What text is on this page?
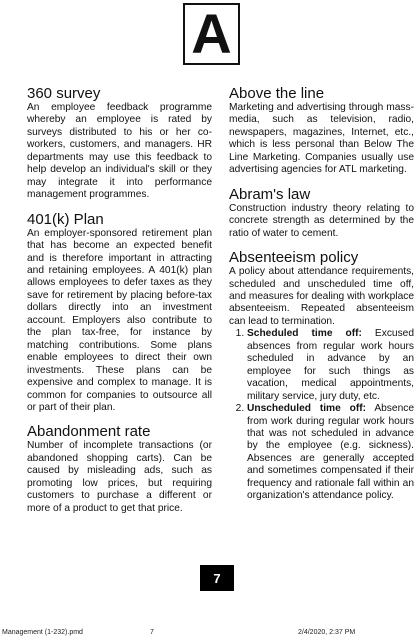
A
360 survey

An employee feedback programme whereby an employee is rated by surveys distributed to his or her co-workers, customers, and managers. HR departments may use this feedback to help develop an individual's skill or they may integrate it into performance management programmes.

401(k) Plan

An employer-sponsored retirement plan that has become an expected benefit and is therefore important in attracting and retaining employees. A 401(k) plan allows employees to defer taxes as they save for retirement by placing before-tax dollars directly into an investment account. Employers also contribute to the plan tax-free, for instance by matching contributions. Some plans enable employees to direct their own investments. These plans can be expensive and complex to manage. It is common for companies to outsource all or part of their plan.

Abandonment rate

Number of incomplete transactions (or abandoned shopping carts). Can be caused by misleading ads, such as promoting low prices, but requiring customers to purchase a different or more of a product to get that price.

Above the line

Marketing and advertising through mass-media, such as television, radio, newspapers, magazines, Internet, etc., which is less personal than Below The Line Marketing. Companies usually use advertising agencies for ATL marketing.

Abram's law

Construction industry theory relating to concrete strength as determined by the ratio of water to cement.

Absenteeism policy

A policy about attendance requirements, scheduled and unscheduled time off, and measures for dealing with workplace absenteeism. Repeated absenteeism can lead to termination.

1. Scheduled time off: Excused absences from regular work hours scheduled in advance by an employee for such things as vacation, medical appointments, military service, jury duty, etc.
2. Unscheduled time off: Absence from work during regular work hours that was not scheduled in advance by the employee (e.g. sickness). Absences are generally accepted and sometimes compensated if their frequency and rationale fall within an organization's attendance policy.
7
Management (1-232).pmd	7	2/4/2020, 2:37 PM
